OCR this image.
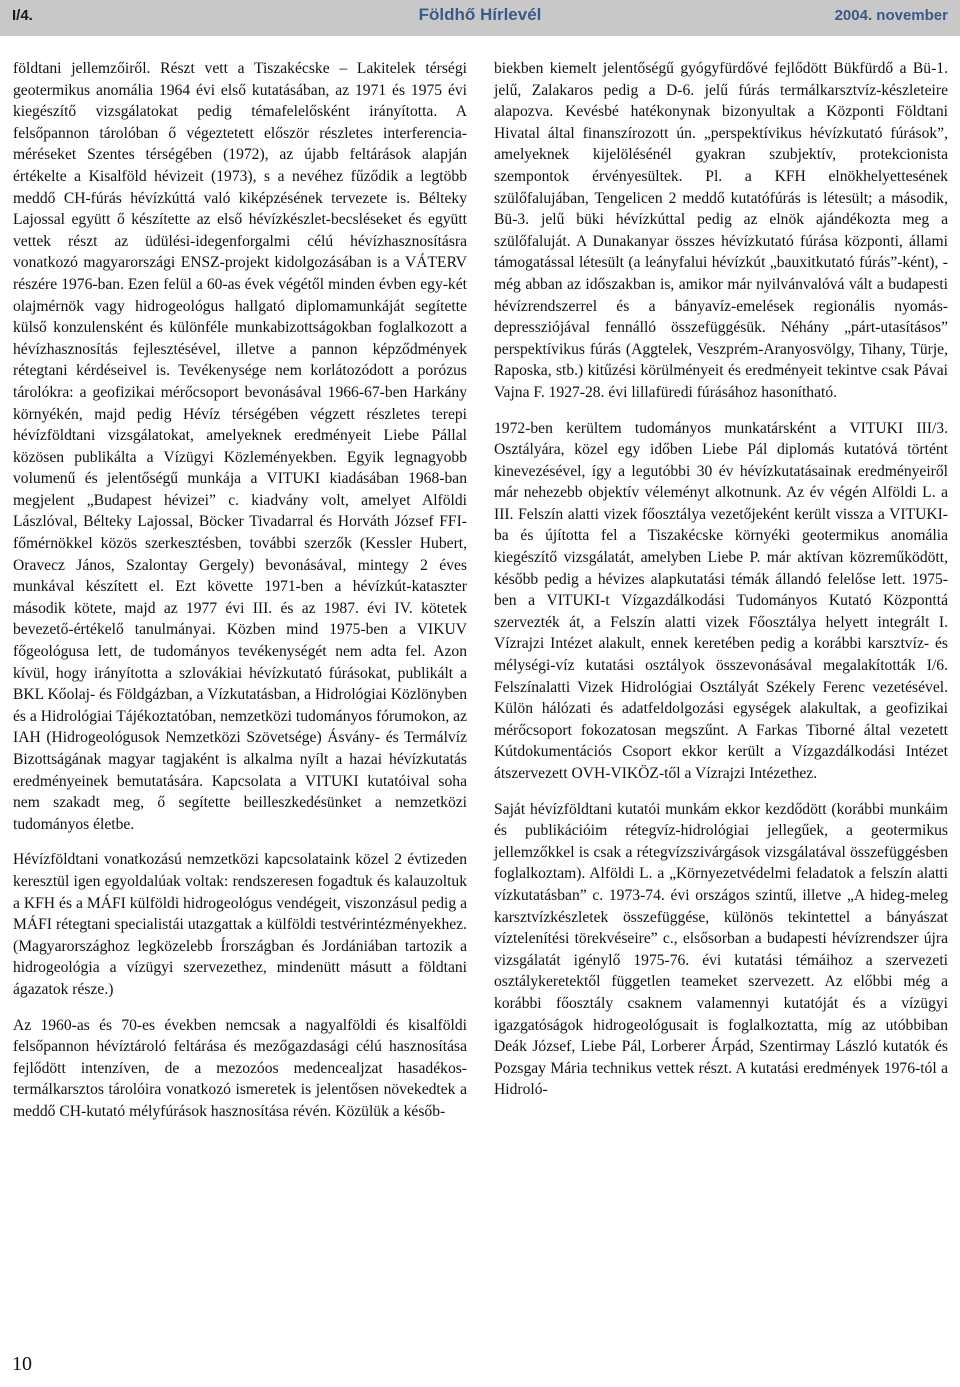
I/4.	Földhő Hírlevél	2004. november

földtani jellemzőiről. Részt vett a Tiszakécske – Lakitelek térségi geotermikus anomália 1964 évi első kutatásában, az 1971 és 1975 évi kiegészítő vizsgálatokat pedig témafelelősként irányította. A felsőpannon tárolóban ő végeztetett először részletes interferencia-méréseket Szentes térségében (1972), az újabb feltárások alapján értékelte a Kisalföld hévizeit (1973), s a nevéhez fűződik a legtöbb meddő CH-fúrás hévízkúttá való kiképzésének tervezete is. Bélteky Lajossal együtt ő készítette az első hévízkészlet-becsléseket és együtt vettek részt az üdülési-idegenforgalmi célú hévízhasznosításra vonatkozó magyarországi ENSZ-projekt kidolgozásában is a VÁTERV részére 1976-ban. Ezen felül a 60-as évek végétől minden évben egy-két olajmérnök vagy hidrogeológus hallgató diplomamunkáját segítette külső konzulensként és különféle munkabizottságokban foglalkozott a hévízhasznosítás fejlesztésével, illetve a pannon képződmények rétegtani kérdéseivel is. Tevékenysége nem korlátozódott a porózus tárolókra: a geofizikai mérőcsoport bevonásával 1966-67-ben Harkány környékén, majd pedig Hévíz térségében végzett részletes terepi hévízföldtani vizsgálatokat, amelyeknek eredményeit Liebe Pállal közösen publikálta a Vízügyi Közleményekben. Egyik legnagyobb volumenű és jelentőségű munkája a VITUKI kiadásában 1968-ban megjelent „Budapest hévizei” c. kiadvány volt, amelyet Alföldi Lászlóval, Bélteky Lajossal, Böcker Tivadarral és Horváth József FFI-főmérnökkel közös szerkesztésben, további szerzők (Kessler Hubert, Oravecz János, Szalontay Gergely) bevonásával, mintegy 2 éves munkával készített el. Ezt követte 1971-ben a hévízkút-kataszter második kötete, majd az 1977 évi III. és az 1987. évi IV. kötetek bevezető-értékelő tanulmányai. Közben mind 1975-ben a VIKUV főgeológusa lett, de tudományos tevékenységét nem adta fel. Azon kívül, hogy irányította a szlovákiai hévízkutató fúrásokat, publikált a BKL Kőolaj- és Földgázban, a Vízkutatásban, a Hidrológiai Közlönyben és a Hidrológiai Tájékoztatóban, nemzetközi tudományos fórumokon, az IAH (Hidrogeológusok Nemzetközi Szövetsége) Ásvány- és Termálvíz Bizottságának magyar tagjaként is alkalma nyílt a hazai hévízkutatás eredményeinek bemutatására. Kapcsolata a VITUKI kutatóival soha nem szakadt meg, ő segítette beilleszkedésünket a nemzetközi tudományos életbe.

Hévízföldtani vonatkozású nemzetközi kapcsolataink közel 2 évtizeden keresztül igen egyoldalúak voltak: rendszeresen fogadtuk és kalauzoltuk a KFH és a MÁFI külföldi hidrogeológus vendégeit, viszonzásul pedig a MÁFI rétegtani specialistái utazgattak a külföldi testvérintézményekhez. (Magyarországhoz legközelebb Írországban és Jordániában tartozik a hidrogeológia a vízügyi szervezethez, mindenütt másutt a földtani ágazatok része.)

Az 1960-as és 70-es években nemcsak a nagyalföldi és kisalföldi felsőpannon hévíztároló feltárása és mezőgazdasági célú hasznosítása fejlődött intenzíven, de a mezozóos medencealjzat hasadékos-termálkarsztos tárolóira vonatkozó ismeretek is jelentősen növekedtek a meddő CH-kutató mélyfúrások hasznosítása révén. Közülük a későb-

biekben kiemelt jelentőségű gyógyfürdővé fejlődött Bükfürdő a Bü-1. jelű, Zalakaros pedig a D-6. jelű fúrás termálkarsztvíz-készleteire alapozva. Kevésbé hatékonynak bizonyultak a Központi Földtani Hivatal által finanszírozott ún. „perspektívikus hévízkutató fúrások”, amelyeknek kijelölésénél gyakran szubjektív, protekcionista szempontok érvényesültek. Pl. a KFH elnökhelyettesének szülőfalujában, Tengelicen 2 meddő kutatófúrás is létesült; a második, Bü-3. jelű büki hévízkúttal pedig az elnök ajándékozta meg a szülőfaluját. A Dunakanyar összes hévízkutató fúrása központi, állami támogatással létesült (a leányfalui hévízkút „bauxitkutató fúrás”-ként), - még abban az időszakban is, amikor már nyilvánvalóvá vált a budapesti hévízrendszerrel és a bányavíz-emelések regionális nyomás-depressziójával fennálló összefüggésük. Néhány „párt-utasításos” perspektívikus fúrás (Aggtelek, Veszprém-Aranyosvölgy, Tihany, Türje, Raposka, stb.) kitűzési körülményeit és eredményeit tekintve csak Pávai Vajna F. 1927-28. évi lillafüredi fúrásához hasonítható.

1972-ben kerültem tudományos munkatársként a VITUKI III/3. Osztályára, közel egy időben Liebe Pál diplomás kutatóvá történt kinevezésével, így a legutóbbi 30 év hévízkutatásainak eredményeiről már nehezebb objektív véleményt alkotnunk. Az év végén Alföldi L. a III. Felszín alatti vizek főosztálya vezetőjeként került vissza a VITUKI-ba és újította fel a Tiszakécske környéki geotermikus anomália kiegészítő vizsgálatát, amelyben Liebe P. már aktívan közreműködött, később pedig a hévizes alapkutatási témák állandó felelőse lett. 1975-ben a VITUKI-t Vízgazdálkodási Tudományos Kutató Központtá szervezték át, a Felszín alatti vizek Főosztálya helyett integrált I. Vízrajzi Intézet alakult, ennek keretében pedig a korábbi karsztvíz- és mélységi-víz kutatási osztályok összevonásával megalakították I/6. Felszínalatti Vizek Hidrológiai Osztályát Székely Ferenc vezetésével. Külön hálózati és adatfeldolgozási egységek alakultak, a geofizikai mérőcsoport fokozatosan megszűnt. A Farkas Tiborné által vezetett Kútdokumentációs Csoport ekkor került a Vízgazdálkodási Intézet átszervezett OVH-VIKÖZ-től a Vízrajzi Intézethez.

Saját hévízföldtani kutatói munkám ekkor kezdődött (korábbi munkáim és publikációim rétegvíz-hidrológiai jellegűek, a geotermikus jellemzőkkel is csak a rétegvízszivárgások vizsgálatával összefüggésben foglalkoztam). Alföldi L. a „Környezetvédelmi feladatok a felszín alatti vízkutatásban” c. 1973-74. évi országos szintű, illetve „A hideg-meleg karsztvízkészletek összefüggése, különös tekintettel a bányászat víztelenítési törekvéseire” c., elsősorban a budapesti hévízrendszer újra vizsgálatát igénylő 1975-76. évi kutatási témáihoz a szervezeti osztálykeretektől független teameket szervezett. Az előbbi még a korábbi főosztály csaknem valamennyi kutatóját és a vízügyi igazgatóságok hidrogeológusait is foglalkoztatta, míg az utóbbiban Deák József, Liebe Pál, Lorberer Árpád, Szentirmay László kutatók és Pozsgay Mária technikus vettek részt. A kutatási eredmények 1976-tól a Hidroló-

10
